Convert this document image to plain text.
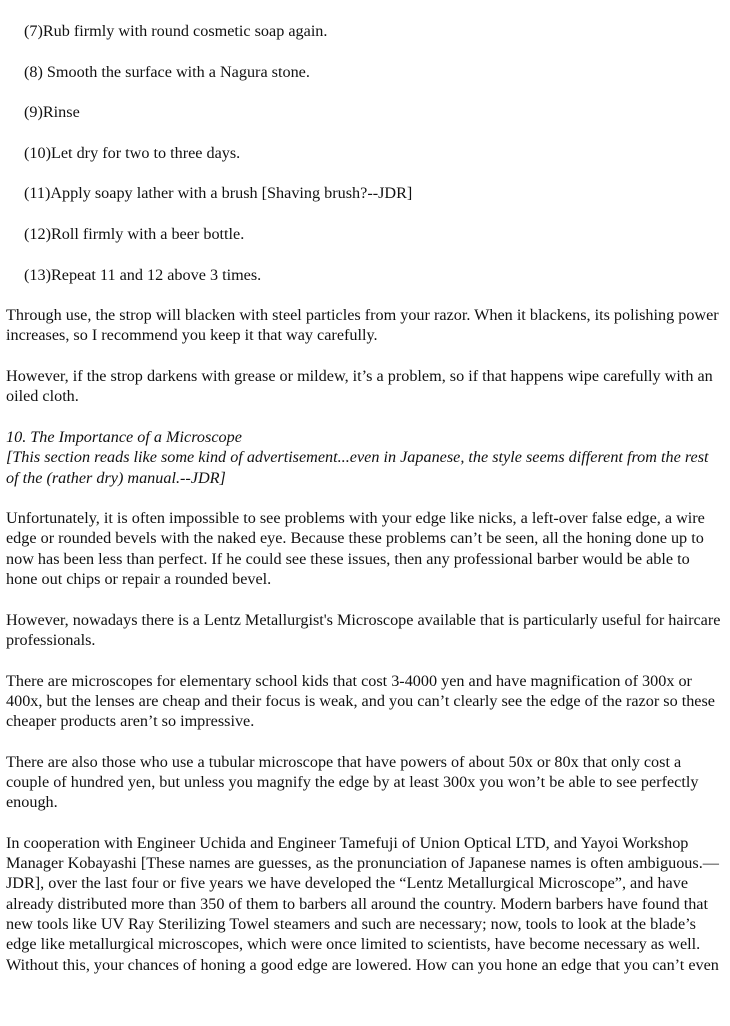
(7)Rub firmly with round cosmetic soap again.

(8) Smooth the surface with a Nagura stone.

(9)Rinse

(10)Let dry for two to three days.

(11)Apply soapy lather with a brush [Shaving brush?--JDR]

(12)Roll firmly with a beer bottle.

(13)Repeat 11 and 12 above 3 times.

Through use, the strop will blacken with steel particles from your razor. When it blackens, its polishing power increases, so I recommend you keep it that way carefully.

However, if the strop darkens with grease or mildew, it’s a problem, so if that happens wipe carefully with an oiled cloth.

10. The Importance of a Microscope

[This section reads like some kind of advertisement...even in Japanese, the style seems different from the rest of the (rather dry) manual.--JDR]

Unfortunately, it is often impossible to see problems with your edge like nicks, a left-over false edge, a wire edge or rounded bevels with the naked eye. Because these problems can’t be seen, all the honing done up to now has been less than perfect. If he could see these issues, then any professional barber would be able to hone out chips or repair a rounded bevel.

However, nowadays there is a Lentz Metallurgist's Microscope available that is particularly useful for haircare professionals.

There are microscopes for elementary school kids that cost 3-4000 yen and have magnification of 300x or 400x, but the lenses are cheap and their focus is weak, and you can’t clearly see the edge of the razor so these cheaper products aren’t so impressive.

There are also those who use a tubular microscope that have powers of about 50x or 80x that only cost a couple of hundred yen, but unless you magnify the edge by at least 300x you won’t be able to see perfectly enough.

In cooperation with Engineer Uchida and Engineer Tamefuji of Union Optical LTD, and Yayoi Workshop Manager Kobayashi [These names are guesses, as the pronunciation of Japanese names is often ambiguous.—JDR], over the last four or five years we have developed the “Lentz Metallurgical Microscope”, and have already distributed more than 350 of them to barbers all around the country. Modern barbers have found that new tools like UV Ray Sterilizing Towel steamers and such are necessary; now, tools to look at the blade’s edge like metallurgical microscopes, which were once limited to scientists, have become necessary as well. Without this, your chances of honing a good edge are lowered. How can you hone an edge that you can’t even
